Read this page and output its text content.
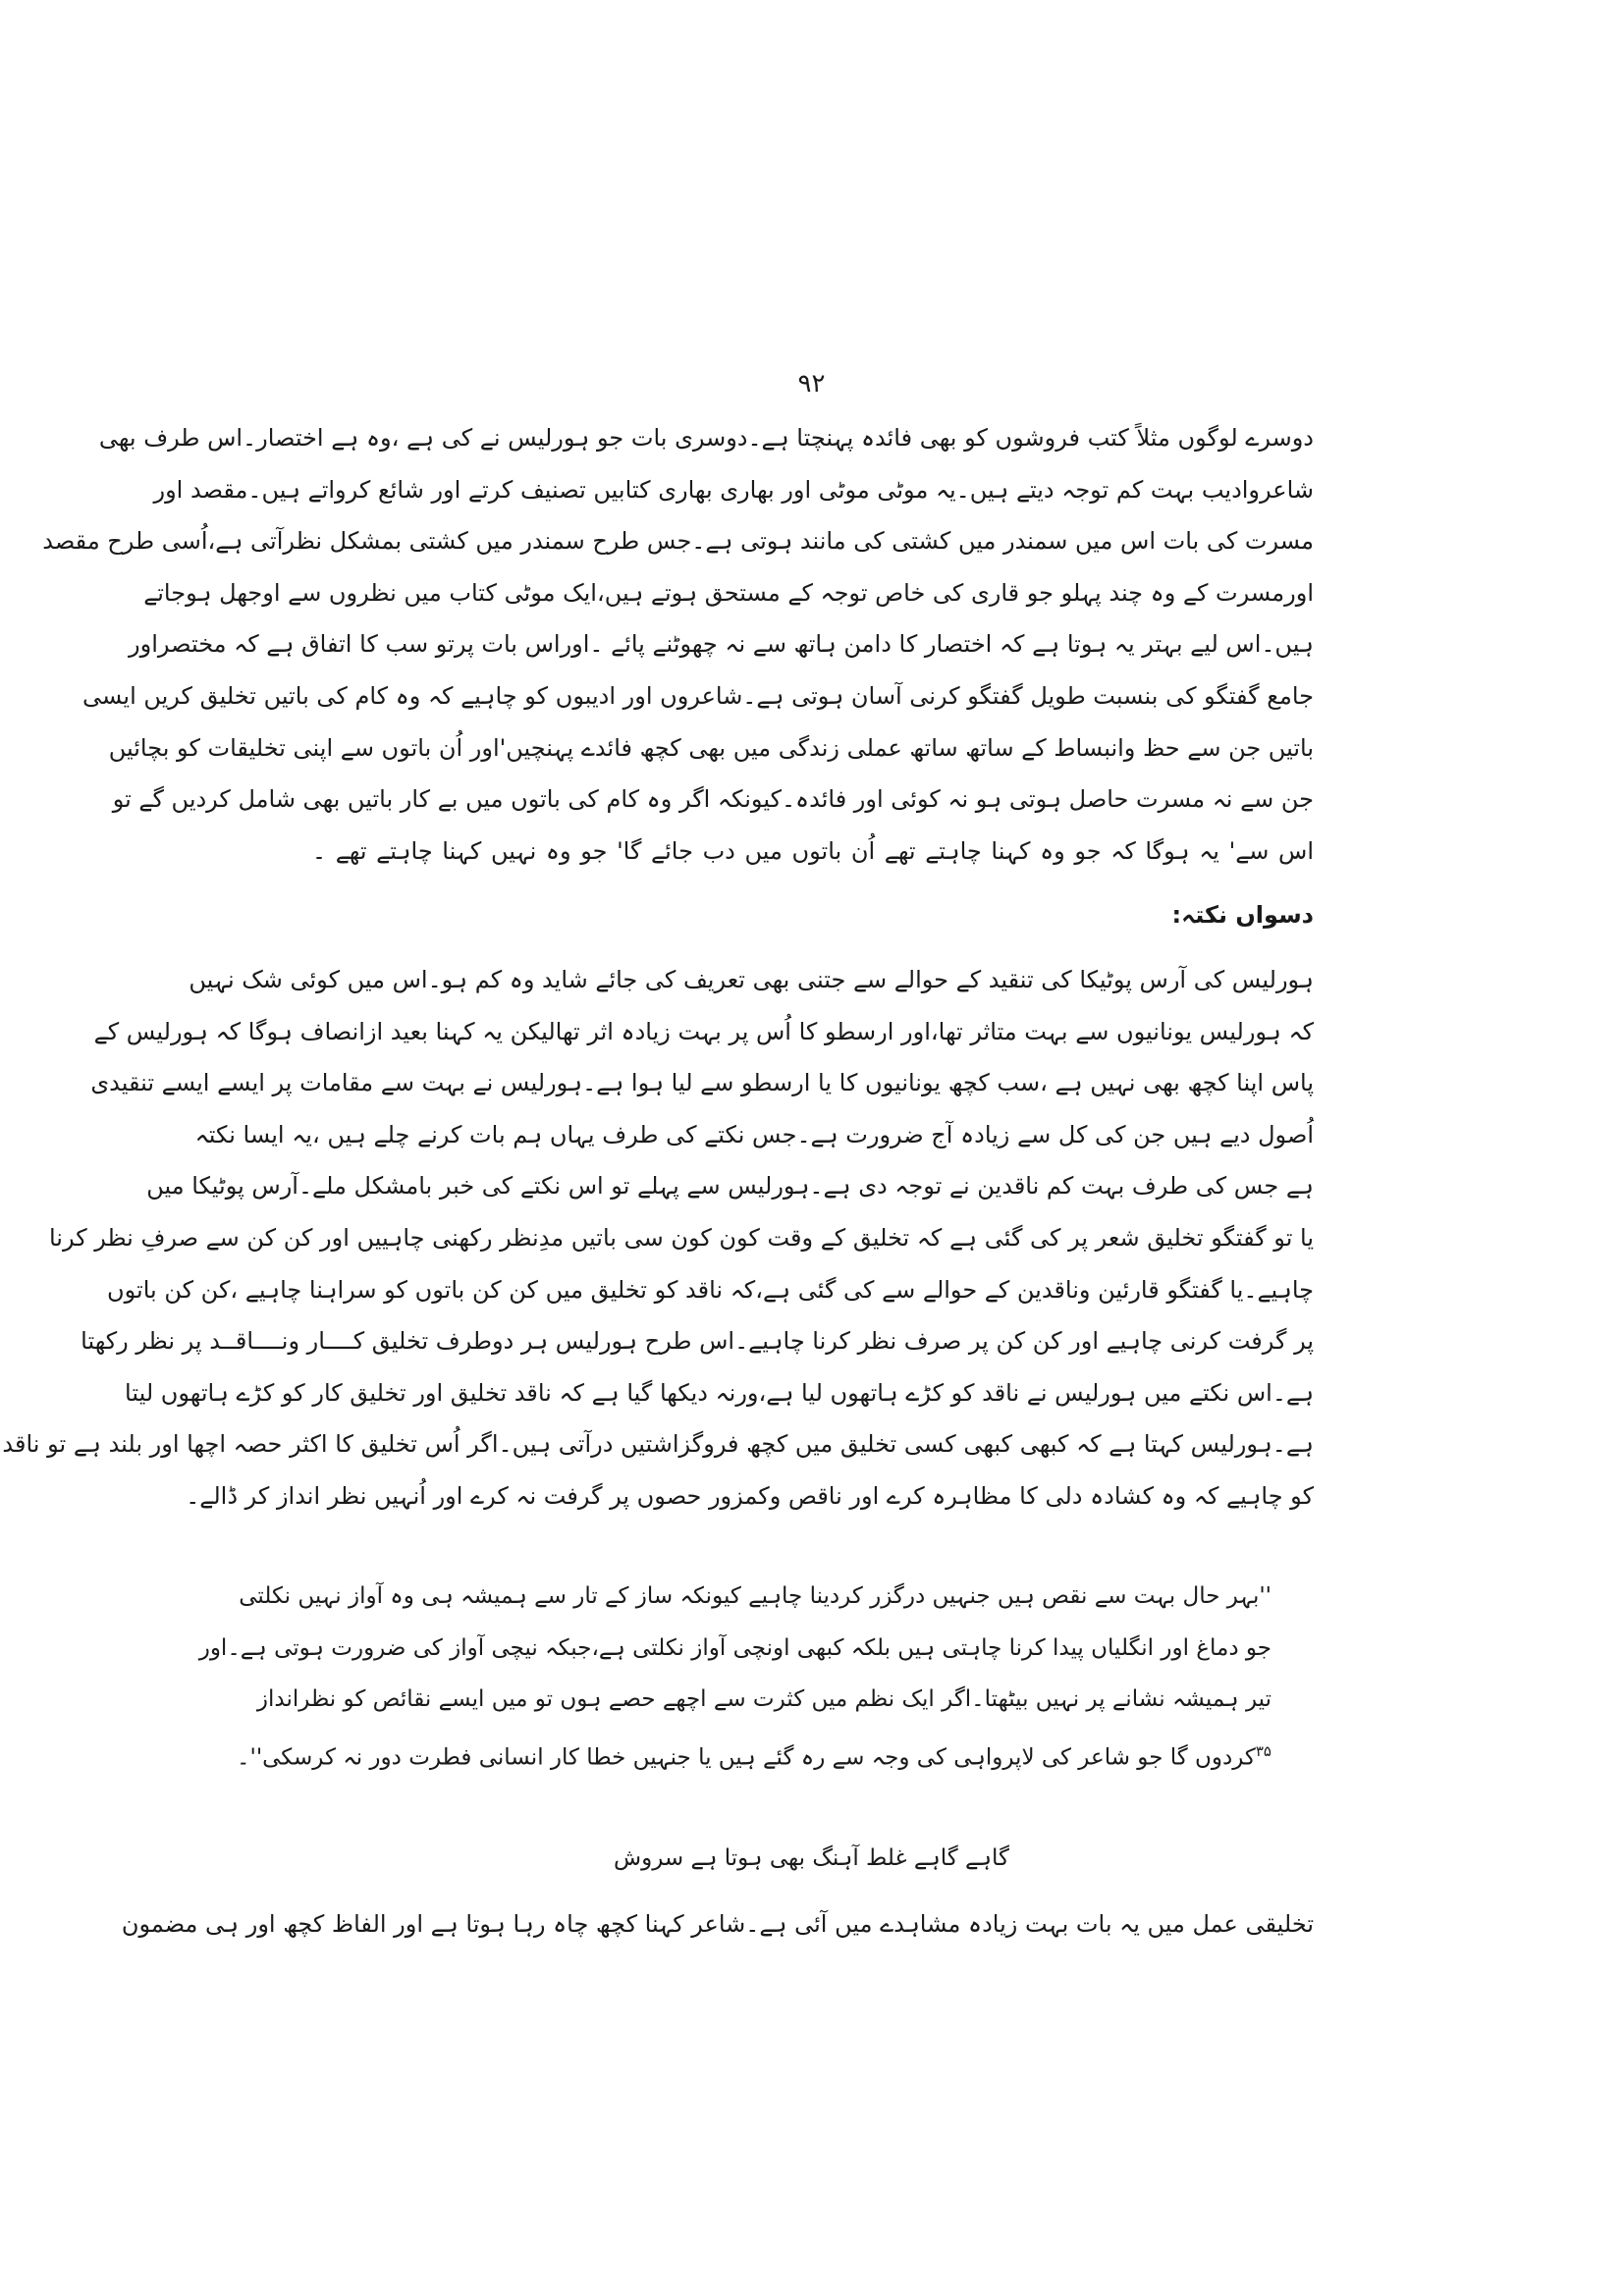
۹۲
دوسرے لوگوں مثلاً کتب فروشوں کو بھی فائدہ پہنچتا ہے۔دوسری بات جو ہورلیس نے کی ہے ،وہ ہے اختصار۔اس طرف بھی
شاعروادیب بہت کم توجہ دیتے ہیں۔یہ موٹی موٹی اور بھاری بھاری کتابیں تصنیف کرتے اور شائع کرواتے ہیں۔مقصد اور
مسرت کی بات اس میں سمندر میں کشتی کی مانند ہوتی ہے۔جس طرح سمندر میں کشتی بمشکل نظرآتی ہے،اُسی طرح مقصد
اورمسرت کے وہ چند پہلو جو قاری کی خاص توجہ کے مستحق ہوتے ہیں،ایک موٹی کتاب میں نظروں سے اوجھل ہوجاتے
ہیں۔اس لیے بہتر یہ ہوتا ہے کہ اختصار کا دامن ہاتھ سے نہ چھوٹنے پائے ۔اوراس بات پرتو سب کا اتفاق ہے کہ مختصراور
جامع گفتگو کی بنسبت طویل گفتگو کرنی آسان ہوتی ہے۔شاعروں اور ادیبوں کو چاہیے کہ وہ کام کی باتیں تخلیق کریں ایسی
باتیں جن سے حظ وانبساط کے ساتھ ساتھ عملی زندگی میں بھی کچھ فائدے پہنچیں'اور اُن باتوں سے اپنی تخلیقات کو بچائیں
جن سے نہ مسرت حاصل ہوتی ہو نہ کوئی اور فائدہ۔کیونکہ اگر وہ کام کی باتوں میں بے کار باتیں بھی شامل کردیں گے تو
اس سے' یہ ہوگا کہ جو وہ کہنا چاہتے تھے اُن باتوں میں دب جائے گا' جو وہ نہیں کہنا چاہتے تھے ۔
دسواں نکتہ:
ہورلیس کی آرس پوٹیکا کی تنقید کے حوالے سے جتنی بھی تعریف کی جائے شاید وہ کم ہو۔اس میں کوئی شک نہیں
کہ ہورلیس یونانیوں سے بہت متاثر تھا،اور ارسطو کا اُس پر بہت زیادہ اثر تھالیکن یہ کہنا بعید ازانصاف ہوگا کہ ہورلیس کے
پاس اپنا کچھ بھی نہیں ہے ،سب کچھ یونانیوں کا یا ارسطو سے لیا ہوا ہے۔ہورلیس نے بہت سے مقامات پر ایسے ایسے تنقیدی
اُصول دیے ہیں جن کی کل سے زیادہ آج ضرورت ہے۔جس نکتے کی طرف یہاں ہم بات کرنے چلے ہیں ،یہ ایسا نکتہ
ہے جس کی طرف بہت کم ناقدین نے توجہ دی ہے۔ہورلیس سے پہلے تو اس نکتے کی خبر بامشکل ملے۔آرس پوٹیکا میں
یا تو گفتگو تخلیق شعر پر کی گئی ہے کہ تخلیق کے وقت کون کون سی باتیں مدِنظر رکھنی چاہییں اور کن کن سے صرفِ نظر کرنا
چاہیے۔یا گفتگو قارئین وناقدین کے حوالے سے کی گئی ہے،کہ ناقد کو تخلیق میں کن کن باتوں کو سراہنا چاہیے ،کن کن باتوں
پر گرفت کرنی چاہیے اور کن کن پر صرف نظر کرنا چاہیے۔اس طرح ہورلیس ہر دوطرف تخلیق کــــار ونــــاقــد پر نظر رکھتا
ہے۔اس نکتے میں ہورلیس نے ناقد کو کڑے ہاتھوں لیا ہے،ورنہ دیکھا گیا ہے کہ ناقد تخلیق اور تخلیق کار کو کڑے ہاتھوں لیتا
ہے۔ہورلیس کہتا ہے کہ کبھی کبھی کسی تخلیق میں کچھ فروگزاشتیں درآتی ہیں۔اگر اُس تخلیق کا اکثر حصہ اچھا اور بلند ہے تو ناقد
کو چاہیے کہ وہ کشادہ دلی کا مظاہرہ کرے اور ناقص وکمزور حصوں پر گرفت نہ کرے اور اُنہیں نظر انداز کر ڈالے۔
''بہر حال بہت سے نقص ہیں جنہیں درگزر کردینا چاہیے کیونکہ ساز کے تار سے ہمیشہ ہی وہ آواز نہیں نکلتی
جو دماغ اور انگلیاں پیدا کرنا چاہتی ہیں بلکہ کبھی اونچی آواز نکلتی ہے،جبکہ نیچی آواز کی ضرورت ہوتی ہے۔اور
تیر ہمیشہ نشانے پر نہیں بیٹھتا۔اگر ایک نظم میں کثرت سے اچھے حصے ہوں تو میں ایسے نقائص کو نظرانداز
$^{۳۵}$کردوں گا جو شاعر کی لاپرواہی کی وجہ سے رہ گئے ہیں یا جنہیں خطا کار انسانی فطرت دور نہ کرسکی''۔
گاہے گاہے غلط آہنگ بھی ہوتا ہے سروش
تخلیقی عمل میں یہ بات بہت زیادہ مشاہدے میں آئی ہے۔شاعر کہنا کچھ چاہ رہا ہوتا ہے اور الفاظ کچھ اور ہی مضمون
